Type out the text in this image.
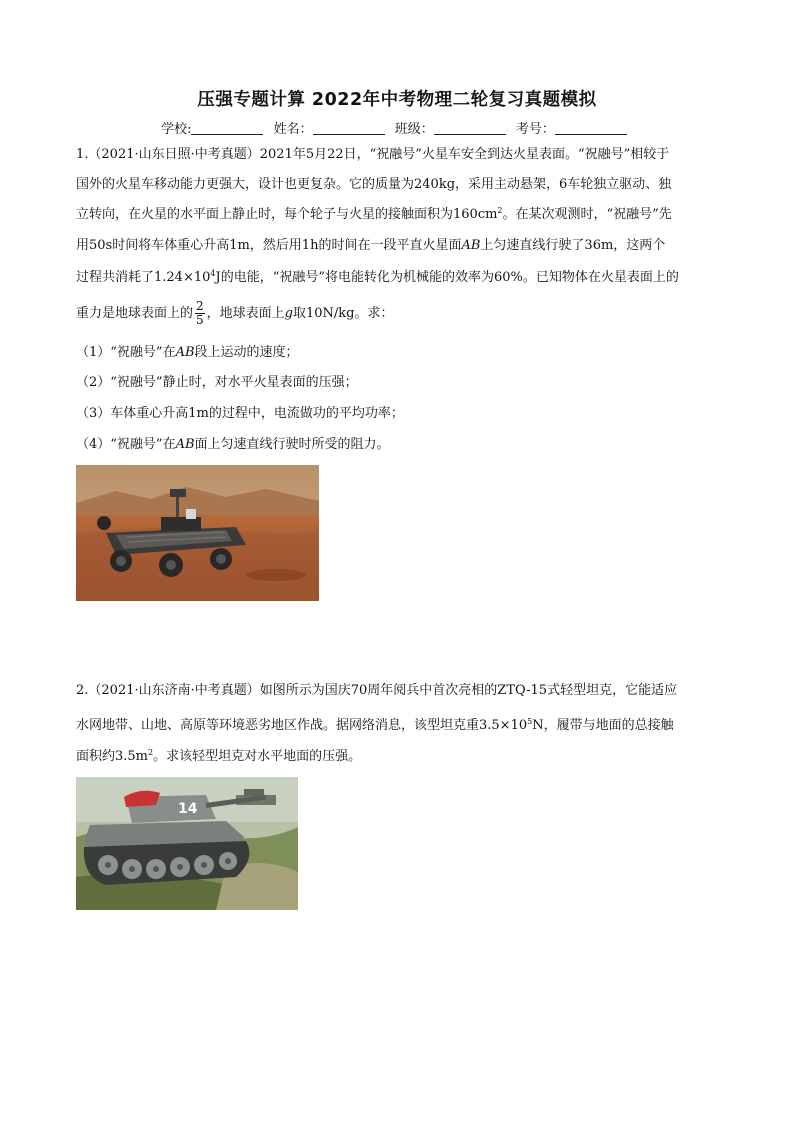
压强专题计算 2022年中考物理二轮复习真题模拟
学校:	姓名：	班级：	考号：
1.（2021·山东日照·中考真题）2021年5月22日，“祝融号”火星车安全到达火星表面。“祝融号”相较于
国外的火星车移动能力更强大，设计也更复杂。它的质量为240kg，采用主动悬架，6车轮独立驱动、独
立转向，在火星的水平面上静止时，每个轮子与火星的接触面积为$160cm^2$。在某次观测时，“祝融号”先
用50s时间将车体重心升高1m，然后用1h的时间在一段平直火星面AB上匀速直线行驶了36m，这两个
过程共消耗了$1.24\times 10^4J$的电能，“祝融号”将电能转化为机械能的效率为60%。已知物体在火星表面上的
重力是地球表面上的 $\frac{2}{5}$ ，地球表面上g取10N/kg。求：
（1）“祝融号”在AB段上运动的速度；
（2）“祝融号”静止时，对水平火星表面的压强；
（3）车体重心升高1m的过程中，电流做功的平均功率；
（4）“祝融号”在AB面上匀速直线行驶时所受的阻力。
2.（2021·山东济南·中考真题）如图所示为国庆70周年阅兵中首次亮相的ZTQ-15式轻型坦克，它能适应
水网地带、山地、高原等环境恶劣地区作战。据网络消息，该型坦克重$3.5\times 10^5N$，履带与地面的总接触
面积约$3.5m^2$。求该轻型坦克对水平地面的压强。
14
